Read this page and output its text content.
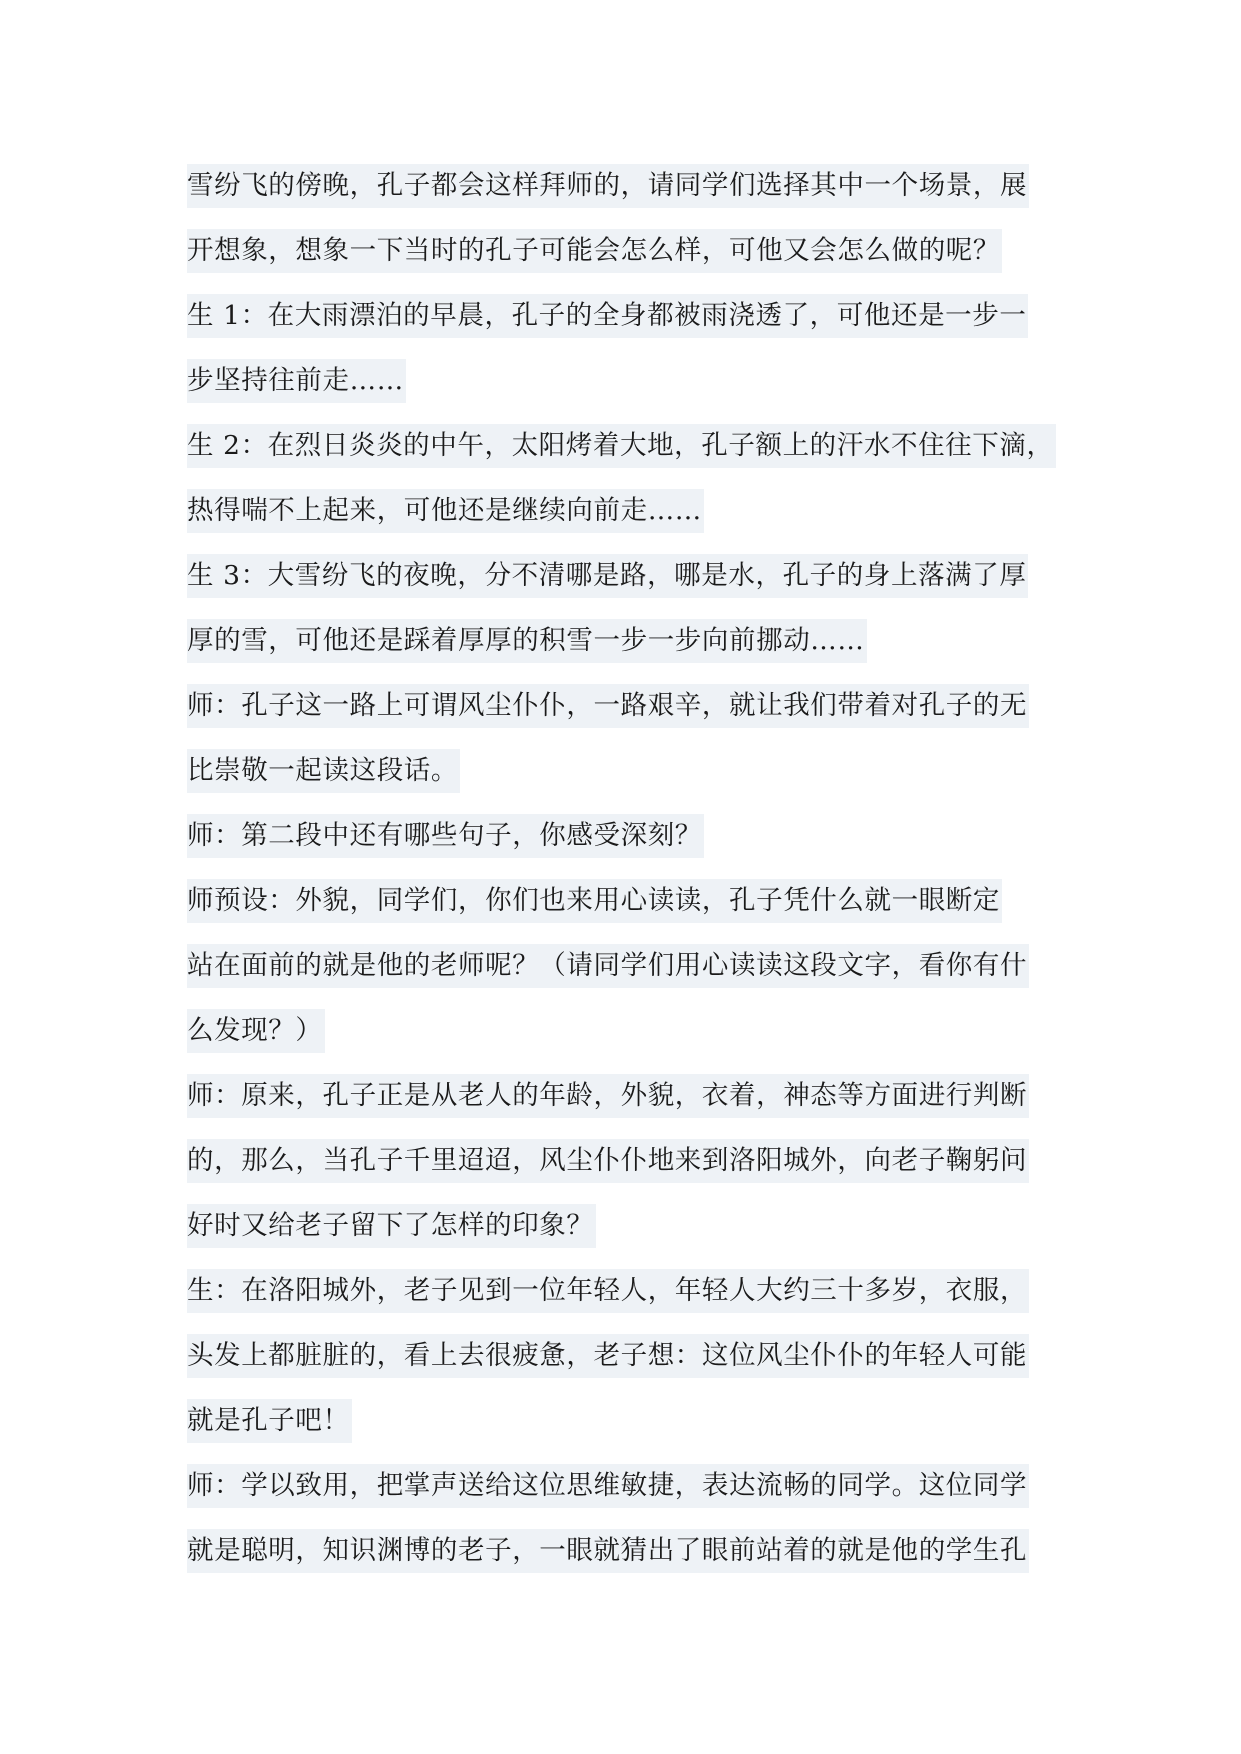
雪纷飞的傍晚，孔子都会这样拜师的，请同学们选择其中一个场景，展
开想象，想象一下当时的孔子可能会怎么样，可他又会怎么做的呢？
生 1：在大雨漂泊的早晨，孔子的全身都被雨浇透了，可他还是一步一
步坚持往前走……
生 2：在烈日炎炎的中午，太阳烤着大地，孔子额上的汗水不住往下滴，
热得喘不上起来，可他还是继续向前走……
生 3：大雪纷飞的夜晚，分不清哪是路，哪是水，孔子的身上落满了厚
厚的雪，可他还是踩着厚厚的积雪一步一步向前挪动……
师：孔子这一路上可谓风尘仆仆，一路艰辛，就让我们带着对孔子的无
比崇敬一起读这段话。
师：第二段中还有哪些句子，你感受深刻？
师预设：外貌，同学们，你们也来用心读读，孔子凭什么就一眼断定
站在面前的就是他的老师呢？（请同学们用心读读这段文字，看你有什
么发现？）
师：原来，孔子正是从老人的年龄，外貌，衣着，神态等方面进行判断
的，那么，当孔子千里迢迢，风尘仆仆地来到洛阳城外，向老子鞠躬问
好时又给老子留下了怎样的印象？
生：在洛阳城外，老子见到一位年轻人，年轻人大约三十多岁，衣服，
头发上都脏脏的，看上去很疲惫，老子想：这位风尘仆仆的年轻人可能
就是孔子吧！
师：学以致用，把掌声送给这位思维敏捷，表达流畅的同学。这位同学
就是聪明，知识渊博的老子，一眼就猜出了眼前站着的就是他的学生孔
